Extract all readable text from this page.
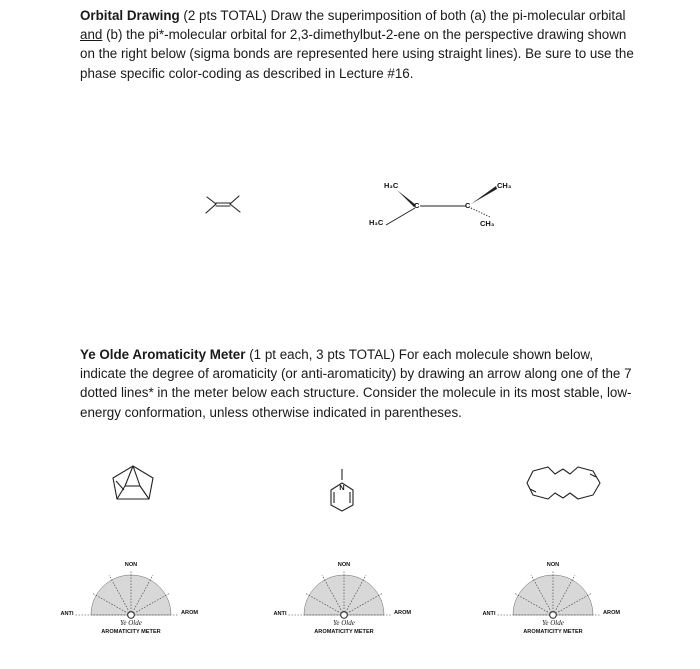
Orbital Drawing (2 pts TOTAL) Draw the superimposition of both (a) the pi-molecular orbital and (b) the pi*-molecular orbital for 2,3-dimethylbut-2-ene on the perspective drawing shown on the right below (sigma bonds are represented here using straight lines). Be sure to use the phase specific color-coding as described in Lecture #16.
Ye Olde Aromaticity Meter (1 pt each, 3 pts TOTAL) For each molecule shown below, indicate the degree of aromaticity (or anti-aromaticity) by drawing an arrow along one of the 7 dotted lines* in the meter below each structure. Consider the molecule in its most stable, low-energy conformation, unless otherwise indicated in parentheses.
H₃C
H₃C
CH₃
CH₃
C	C
N
NON
ANTI	AROM
Ye Olde
AROMATICITY METER
NON
ANTI	AROM
Ye Olde
AROMATICITY METER
NON
ANTI	AROM
Ye Olde
AROMATICITY METER
